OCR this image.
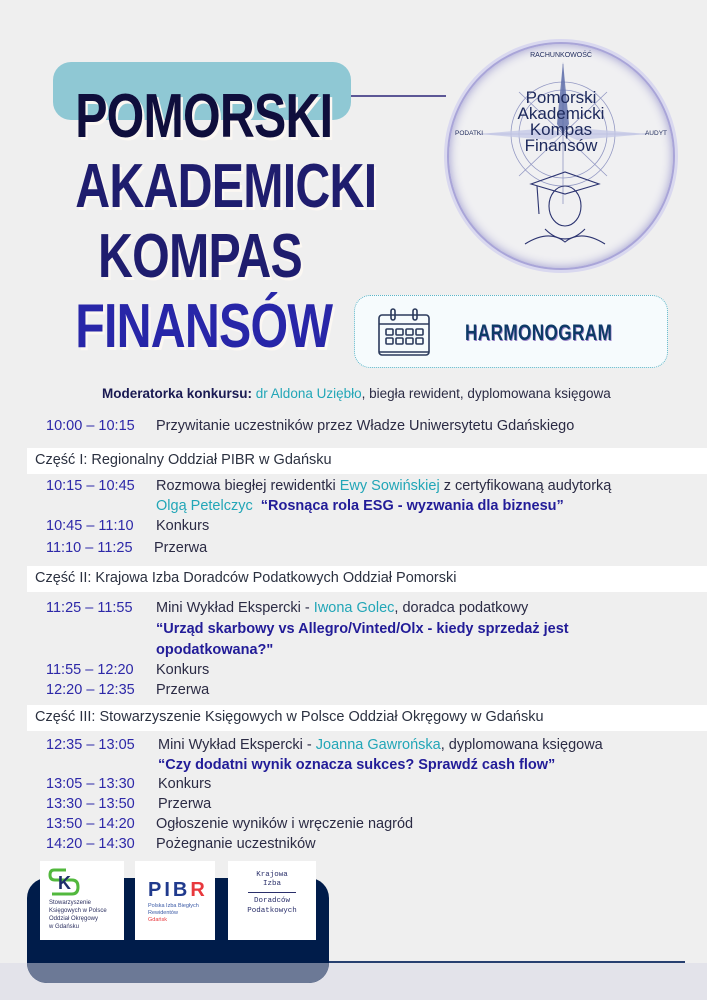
POMORSKI
AKADEMICKI
KOMPAS
FINANSÓW
RACHUNKOWOŚĆ
PODATKI	AUDYT
Pomorski
Akademicki
Kompas
Finansów
HARMONOGRAM
Moderatorka konkursu: dr Aldona Uziębło, biegła rewident, dyplomowana księgowa
10:00 – 10:15 Przywitanie uczestników przez Władze Uniwersytetu Gdańskiego
Część I: Regionalny Oddział PIBR w Gdańsku
10:15 – 10:45 Rozmowa biegłej rewidentki Ewy Sowińskiej z certyfikowaną audytorką
Olgą Petelczyc “Rosnąca rola ESG - wyzwania dla biznesu”
10:45 – 11:10 Konkurs
11:10 – 11:25 Przerwa
Część II: Krajowa Izba Doradców Podatkowych Oddział Pomorski
11:25 – 11:55 Mini Wykład Ekspercki - Iwona Golec, doradca podatkowy
“Urząd skarbowy vs Allegro/Vinted/Olx - kiedy sprzedaż jest
opodatkowana?"
11:55 – 12:20 Konkurs
12:20 – 12:35 Przerwa
Część III: Stowarzyszenie Księgowych w Polsce Oddział Okręgowy w Gdańsku
12:35 – 13:05 Mini Wykład Ekspercki - Joanna Gawrońska, dyplomowana księgowa
“Czy dodatni wynik oznacza sukces? Sprawdź cash flow”
13:05 – 13:30 Konkurs
13:30 – 13:50 Przerwa
13:50 – 14:20 Ogłoszenie wyników i wręczenie nagród
14:20 – 14:30 Pożegnanie uczestników
K
Stowarzyszenie
Księgowych w Polsce
Oddział Okręgowy
w Gdańsku
PIBR
Polska Izba Biegłych
Rewidentów
Gdańsk
Krajowa
Izba
Doradców
Podatkowych
